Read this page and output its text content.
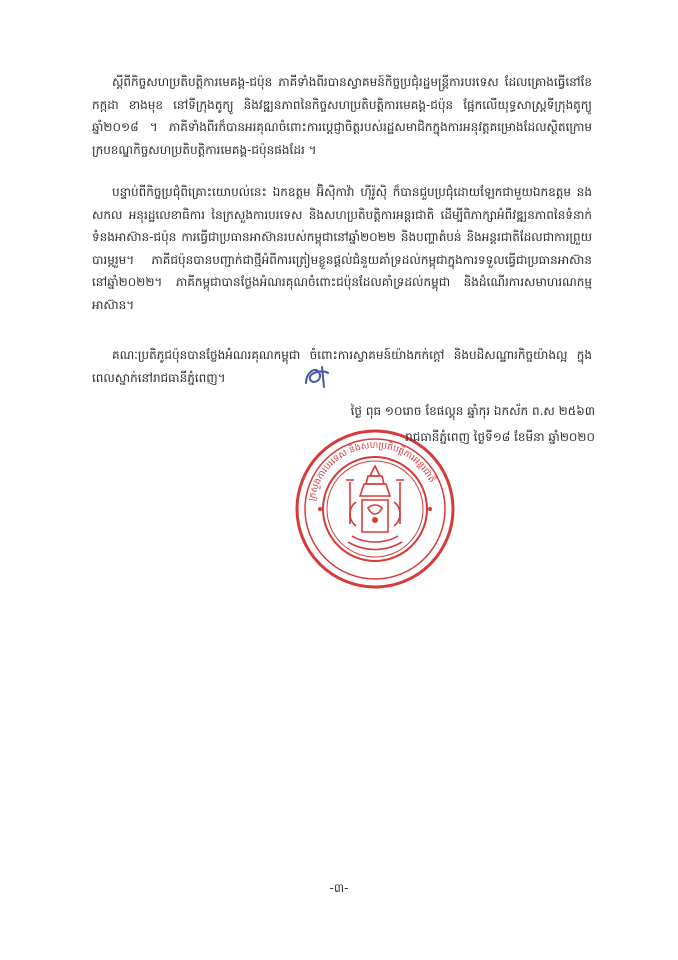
ស្តីពីកិច្ចសហប្រតិបត្តិការមេគង្គ-ជប៉ុន ភាគីទាំងពីរបានស្វាគមន៍កិច្ចប្រជុំរដ្ឋមន្ត្រីការបរទេស ដែលគ្រោងធ្វើនៅខែកក្កដា ខាងមុខ នៅទីក្រុងតូក្យូ និងវឌ្ឍនភាពនៃកិច្ចសហប្រតិបត្តិការមេគង្គ-ជប៉ុន ផ្អែកលើយុទ្ធសាស្ត្រទីក្រុងតូក្យូឆ្នាំ២០១៨ ។ ភាគីទាំងពីរក៏បានអរគុណចំពោះការប្តេជ្ញាចិត្តរបស់រដ្ឋសមាជិកក្នុងការអនុវត្តគម្រោងដែលស្ថិតក្រោមក្របខណ្ឌកិច្ចសហប្រតិបត្តិការមេគង្គ-ជប៉ុនផងដែរ ។

បន្ទាប់ពីកិច្ចប្រជុំពិគ្រោះយោបល់នេះ ឯកឧត្តម អ៊ិស៊ិកាវ៉ា ហ៊ីរ៉ូស៊ិ ក៏បានជួបប្រជុំដោយឡែកជាមួយឯកឧត្តម នង សកល អនុរដ្ឋលេខាធិការ នៃក្រសួងការបរទេស និងសហប្រតិបត្តិការអន្តរជាតិ ដើម្បីពិភាក្សាអំពីវឌ្ឍនភាពនៃទំនាក់ទំនងអាស៊ាន-ជប៉ុន ការធ្វើជាប្រធានអាស៊ានរបស់កម្ពុជានៅឆ្នាំ២០២២ និងបញ្ហាតំបន់ និងអន្តរជាតិដែលជាការព្រួយបារម្ភរួម។ ភាគីជប៉ុនបានបញ្ជាក់ជាថ្មីអំពីការត្រៀមខ្លួនផ្តល់ជំនួយគាំទ្រដល់កម្ពុជាក្នុងការទទួលធ្វើជាប្រធានអាស៊ាននៅឆ្នាំ២០២២។ ភាគីកម្ពុជាបានថ្លែងអំណរគុណចំពោះជប៉ុនដែលគាំទ្រដល់កម្ពុជា និងដំណើរការសមាហរណកម្មអាស៊ាន។

គណៈប្រតិភូជប៉ុនបានថ្លែងអំណរគុណកម្ពុជា ចំពោះការស្វាគមន៍យ៉ាងកក់ក្តៅ និងបដិសណ្ឋារកិច្ចយ៉ាងល្អ ក្នុងពេលស្នាក់នៅរាជធានីភ្នំពេញ។

ថ្ងៃ ពុធ ១០រោច ខែផល្គុន ឆ្នាំកុរ ឯកស័ក ព.ស ២៥៦៣

ក្រសួងការបរទេស និងសហប្រតិបត្តិការអន្តរជាតិ

រាជធានីភ្នំពេញ ថ្ងៃទី១៨ ខែមីនា ឆ្នាំ២០២០

-៣-
